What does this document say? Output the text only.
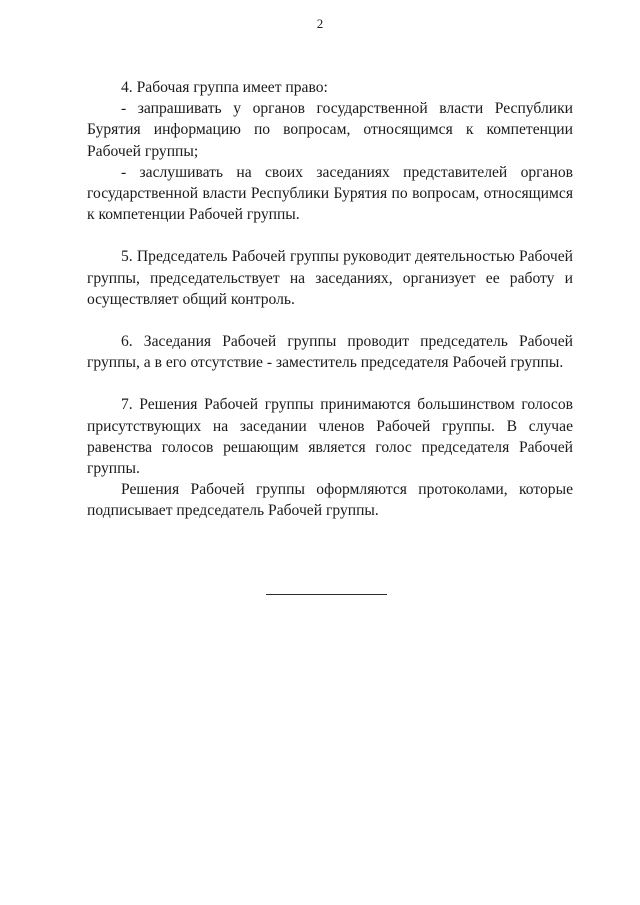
2

4. Рабочая группа имеет право:

- запрашивать у органов государственной власти Республики Бурятия информацию по вопросам, относящимся к компетенции Рабочей группы;

- заслушивать на своих заседаниях представителей органов государственной власти Республики Бурятия по вопросам, относящимся к компетенции Рабочей группы.

5. Председатель Рабочей группы руководит деятельностью Рабочей группы, председательствует на заседаниях, организует ее работу и осуществляет общий контроль.

6. Заседания Рабочей группы проводит председатель Рабочей группы, а в его отсутствие - заместитель председателя Рабочей группы.

7. Решения Рабочей группы принимаются большинством голосов присутствующих на заседании членов Рабочей группы. В случае равенства голосов решающим является голос председателя Рабочей группы.

Решения Рабочей группы оформляются протоколами, которые подписывает председатель Рабочей группы.
